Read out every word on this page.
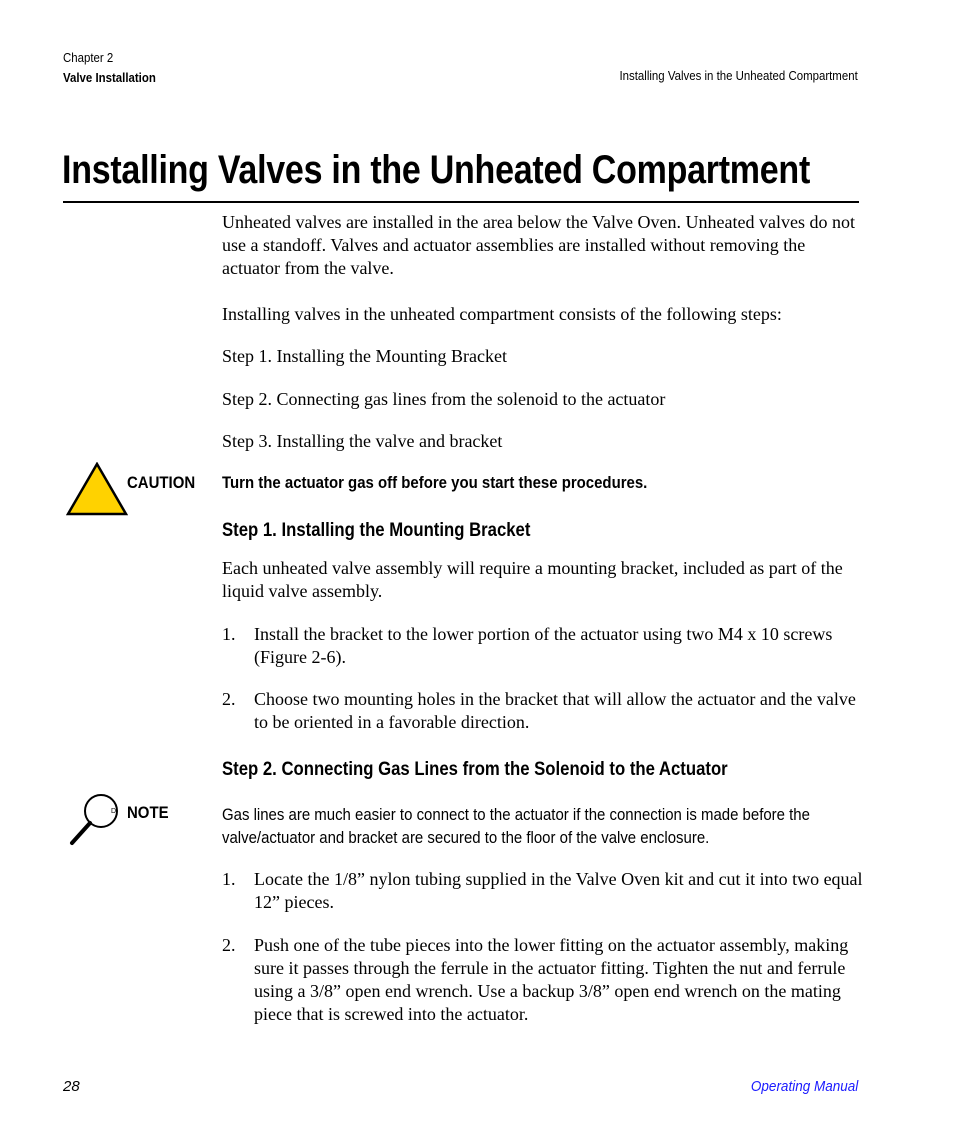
Chapter 2
Valve Installation	Installing Valves in the Unheated Compartment
Installing Valves in the Unheated Compartment
Unheated valves are installed in the area below the Valve Oven. Unheated valves do not use a standoff. Valves and actuator assemblies are installed without removing the actuator from the valve.
Installing valves in the unheated compartment consists of the following steps:
Step 1. Installing the Mounting Bracket
Step 2. Connecting gas lines from the solenoid to the actuator
Step 3. Installing the valve and bracket
CAUTION Turn the actuator gas off before you start these procedures.
Step 1. Installing the Mounting Bracket
Each unheated valve assembly will require a mounting bracket, included as part of the liquid valve assembly.
1. Install the bracket to the lower portion of the actuator using two M4 x 10 screws (Figure 2-6).
2. Choose two mounting holes in the bracket that will allow the actuator and the valve to be oriented in a favorable direction.
Step 2. Connecting Gas Lines from the Solenoid to the Actuator
D NOTE	Gas lines are much easier to connect to the actuator if the connection is made before the valve/actuator and bracket are secured to the floor of the valve enclosure.
1. Locate the 1/8” nylon tubing supplied in the Valve Oven kit and cut it into two equal 12” pieces.
2. Push one of the tube pieces into the lower fitting on the actuator assembly, making sure it passes through the ferrule in the actuator fitting. Tighten the nut and ferrule using a 3/8” open end wrench. Use a backup 3/8” open end wrench on the mating piece that is screwed into the actuator.
28	Operating Manual
